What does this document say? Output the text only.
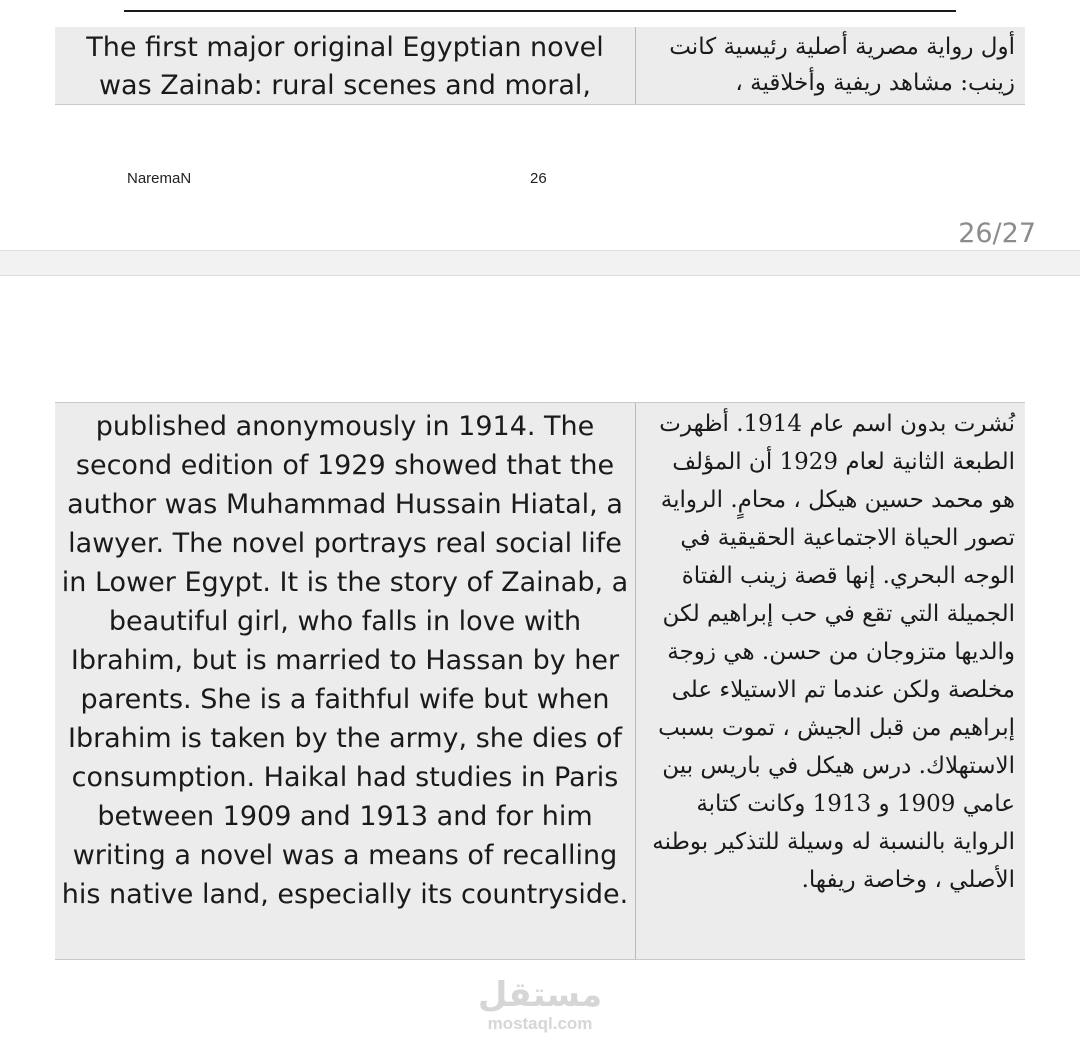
The first major original Egyptian novel was Zainab: rural scenes and moral,
أول رواية مصرية أصلية رئيسية كانت زينب: مشاهد ريفية وأخلاقية ،
NaremaN	26
26/27
published anonymously in 1914. The second edition of 1929 showed that the author was Muhammad Hussain Hiatal, a lawyer. The novel portrays real social life in Lower Egypt. It is the story of Zainab, a beautiful girl, who falls in love with Ibrahim, but is married to Hassan by her parents. She is a faithful wife but when Ibrahim is taken by the army, she dies of consumption. Haikal had studies in Paris between 1909 and 1913 and for him writing a novel was a means of recalling his native land, especially its countryside.
نُشرت بدون اسم عام 1914. أظهرت الطبعة الثانية لعام 1929 أن المؤلف هو محمد حسين هيكل ، محامٍ. الرواية تصور الحياة الاجتماعية الحقيقية في الوجه البحري. إنها قصة زينب الفتاة الجميلة التي تقع في حب إبراهيم لكن والديها متزوجان من حسن. هي زوجة مخلصة ولكن عندما تم الاستيلاء على إبراهيم من قبل الجيش ، تموت بسبب الاستهلاك. درس هيكل في باريس بين عامي 1909 و 1913 وكانت كتابة الرواية بالنسبة له وسيلة للتذكير بوطنه الأصلي ، وخاصة ريفها.
مستقل
mostaql.com
